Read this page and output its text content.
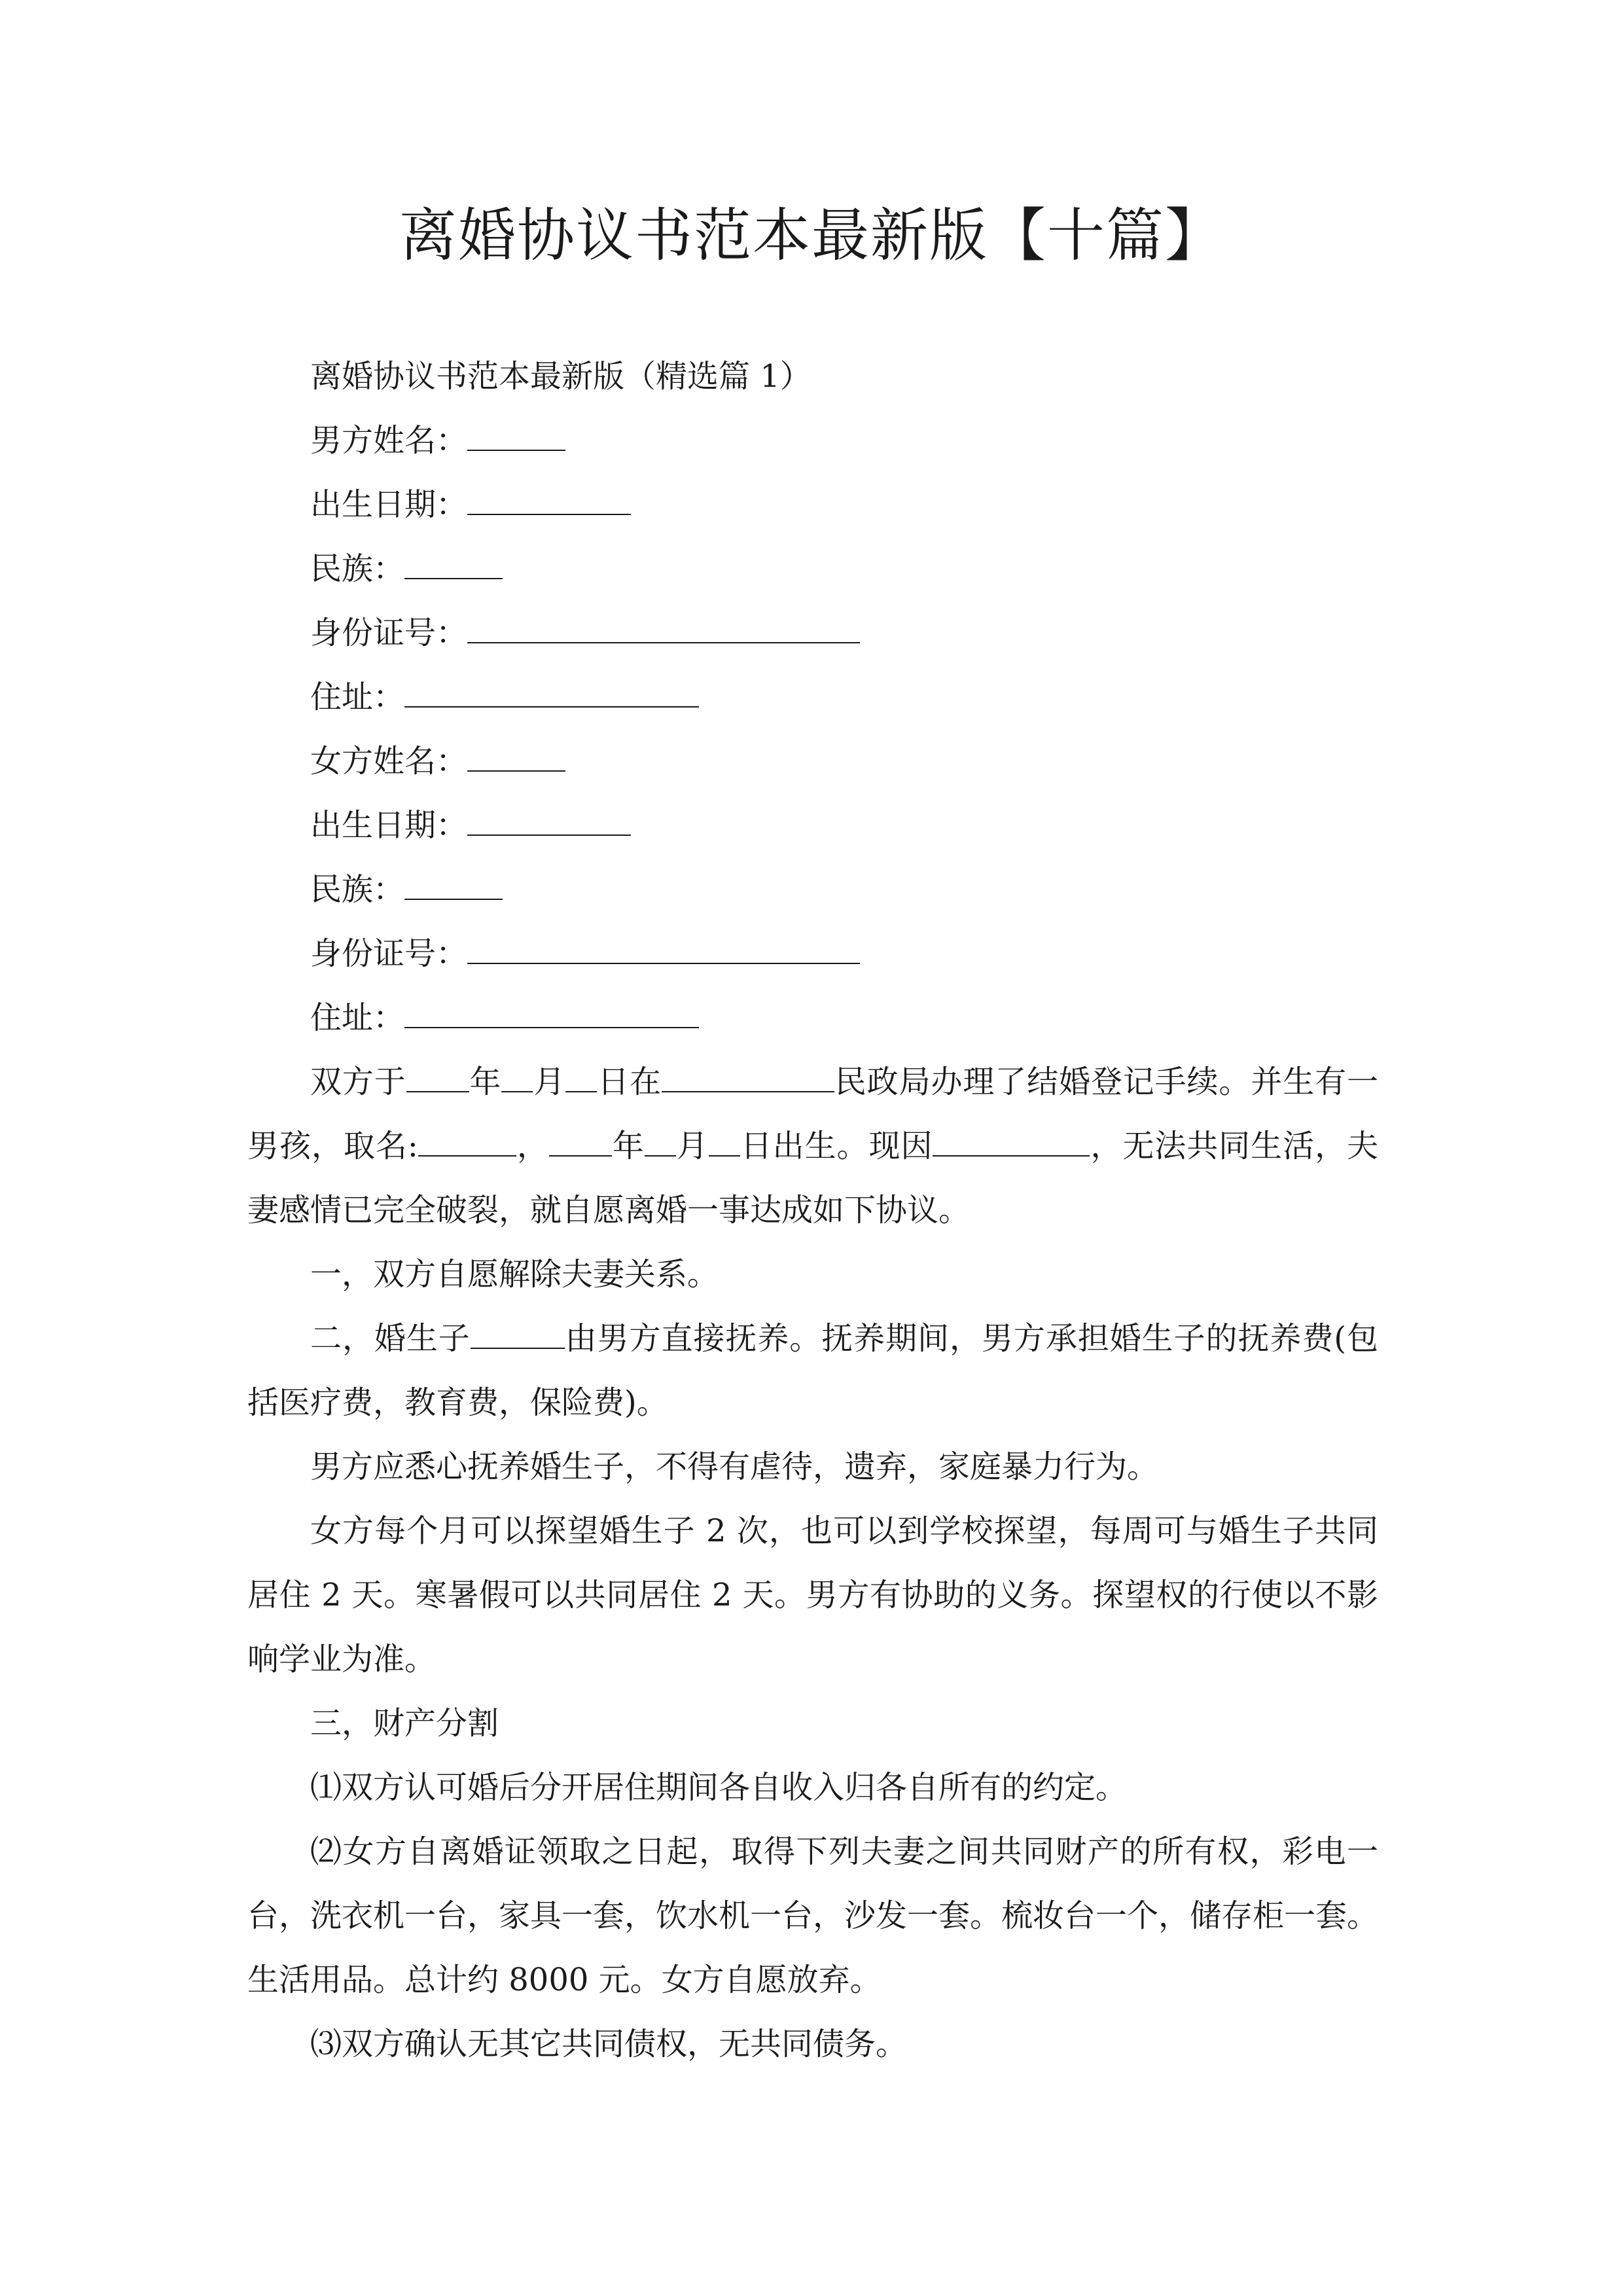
离婚协议书范本最新版【十篇】
离婚协议书范本最新版（精选篇 1）
男方姓名：
出生日期：
民族：
身份证号：
住址：
女方姓名：
出生日期：
民族：
身份证号：
住址：
双方于 年 月 日在	民政局办理了结婚登记手续。并生有一男孩，取名:	， 年 月 日出生。现因	，无法共同生活，夫妻感情已完全破裂，就自愿离婚一事达成如下协议。
一，双方自愿解除夫妻关系。
二，婚生子	由男方直接抚养。抚养期间，男方承担婚生子的抚养费(包括医疗费，教育费，保险费)。
男方应悉心抚养婚生子，不得有虐待，遗弃，家庭暴力行为。
女方每个月可以探望婚生子 2 次，也可以到学校探望，每周可与婚生子共同居住 2 天。寒暑假可以共同居住 2 天。男方有协助的义务。探望权的行使以不影响学业为准。
三，财产分割
⑴双方认可婚后分开居住期间各自收入归各自所有的约定。
⑵女方自离婚证领取之日起，取得下列夫妻之间共同财产的所有权，彩电一台，洗衣机一台，家具一套，饮水机一台，沙发一套。梳妆台一个，储存柜一套。生活用品。总计约 8000 元。女方自愿放弃。
⑶双方确认无其它共同债权，无共同债务。
